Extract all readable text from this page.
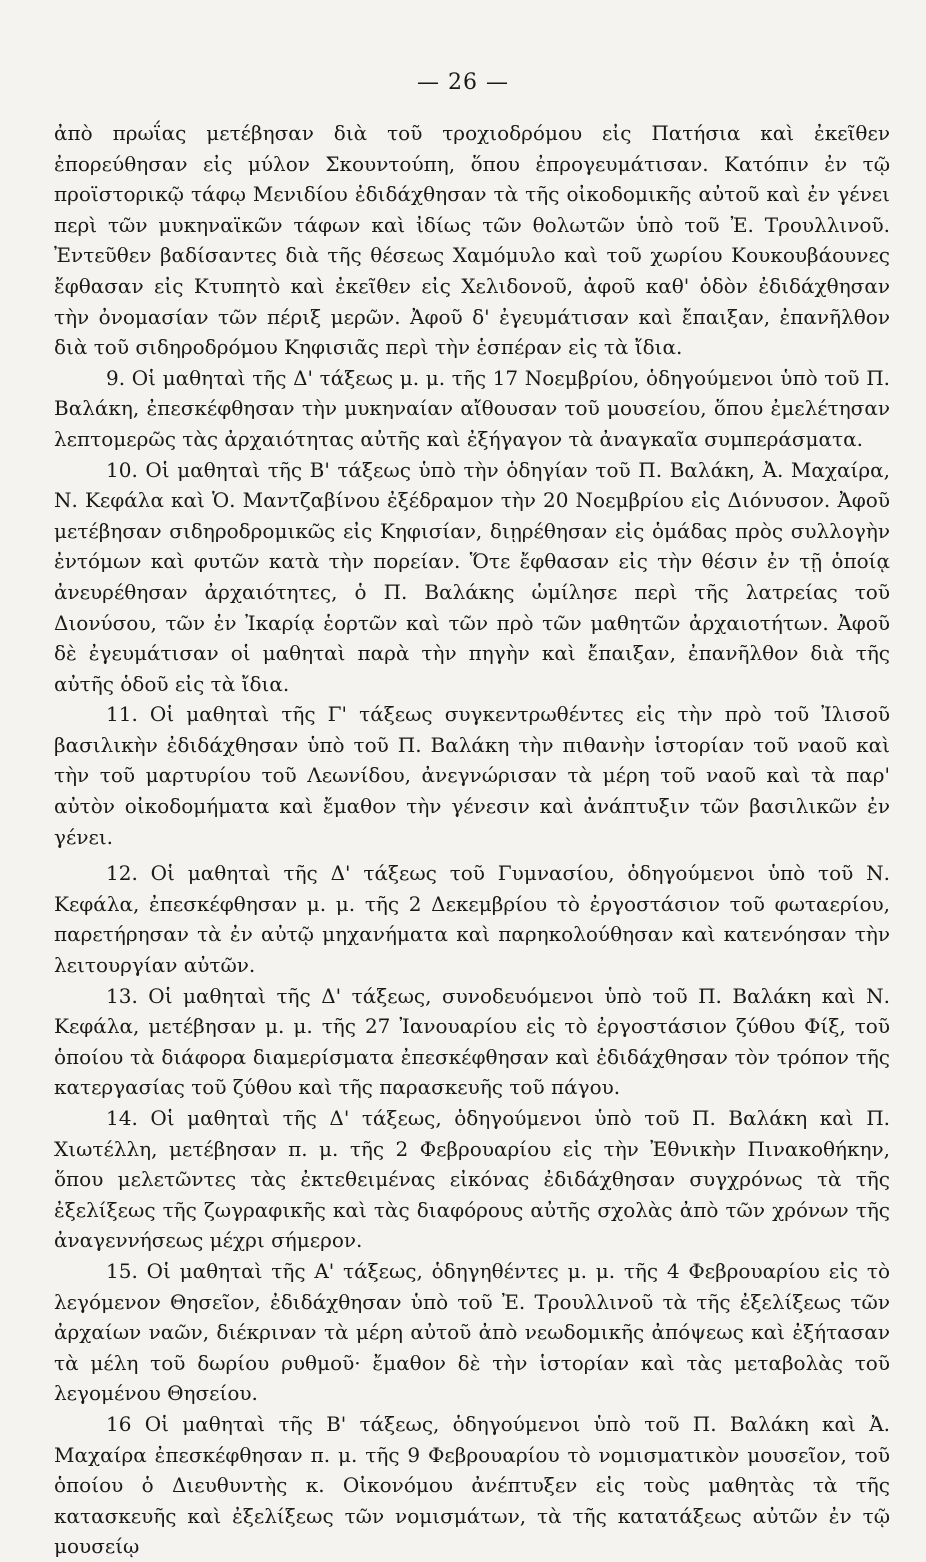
— 26 —

ἀπὸ πρωΐας μετέβησαν διὰ τοῦ τροχιοδρόμου εἰς Πατήσια καὶ ἐκεῖθεν ἐπορεύθησαν εἰς μύλον Σκουντούπη, ὅπου ἐπρογευμάτισαν. Κατόπιν ἐν τῷ προϊστορικῷ τάφῳ Μενιδίου ἐδιδάχθησαν τὰ τῆς οἰκοδομικῆς αὐτοῦ καὶ ἐν γένει περὶ τῶν μυκηναϊκῶν τάφων καὶ ἰδίως τῶν θολωτῶν ὑπὸ τοῦ Ἐ. Τρουλλινοῦ. Ἐντεῦθεν βαδίσαντες διὰ τῆς θέσεως Χαμόμυλο καὶ τοῦ χωρίου Κουκουβάουνες ἔφθασαν εἰς Κτυπητὸ καὶ ἐκεῖθεν εἰς Χελιδονοῦ, ἀφοῦ καθ' ὁδὸν ἐδιδάχθησαν τὴν ὀνομασίαν τῶν πέριξ μερῶν. Ἀφοῦ δ' ἐγευμάτισαν καὶ ἔπαιξαν, ἐπανῆλθον διὰ τοῦ σιδηροδρόμου Κηφισιᾶς περὶ τὴν ἑσπέραν εἰς τὰ ἴδια.

9. Οἱ μαθηταὶ τῆς Δ' τάξεως μ. μ. τῆς 17 Νοεμβρίου, ὁδηγούμενοι ὑπὸ τοῦ Π. Βαλάκη, ἐπεσκέφθησαν τὴν μυκηναίαν αἴθουσαν τοῦ μουσείου, ὅπου ἐμελέτησαν λεπτομερῶς τὰς ἀρχαιότητας αὐτῆς καὶ ἐξήγαγον τὰ ἀναγκαῖα συμπεράσματα.

10. Οἱ μαθηταὶ τῆς Β' τάξεως ὑπὸ τὴν ὁδηγίαν τοῦ Π. Βαλάκη, Ἀ. Μαχαίρα, Ν. Κεφάλα καὶ Ὁ. Μαντζαβίνου ἐξέδραμον τὴν 20 Νοεμβρίου εἰς Διόνυσον. Ἀφοῦ μετέβησαν σιδηροδρομικῶς εἰς Κηφισίαν, διῃρέθησαν εἰς ὁμάδας πρὸς συλλογὴν ἐντόμων καὶ φυτῶν κατὰ τὴν πορείαν. Ὅτε ἔφθασαν εἰς τὴν θέσιν ἐν τῇ ὁποίᾳ ἀνευρέθησαν ἀρχαιότητες, ὁ Π. Βαλάκης ὡμίλησε περὶ τῆς λατρείας τοῦ Διονύσου, τῶν ἐν Ἰκαρίᾳ ἑορτῶν καὶ τῶν πρὸ τῶν μαθητῶν ἀρχαιοτήτων. Ἀφοῦ δὲ ἐγευμάτισαν οἱ μαθηταὶ παρὰ τὴν πηγὴν καὶ ἔπαιξαν, ἐπανῆλθον διὰ τῆς αὐτῆς ὁδοῦ εἰς τὰ ἴδια.

11. Οἱ μαθηταὶ τῆς Γ' τάξεως συγκεντρωθέντες εἰς τὴν πρὸ τοῦ Ἰλισοῦ βασιλικὴν ἐδιδάχθησαν ὑπὸ τοῦ Π. Βαλάκη τὴν πιθανὴν ἱστορίαν τοῦ ναοῦ καὶ τὴν τοῦ μαρτυρίου τοῦ Λεωνίδου, ἀνεγνώρισαν τὰ μέρη τοῦ ναοῦ καὶ τὰ παρ' αὐτὸν οἰκοδομήματα καὶ ἔμαθον τὴν γένεσιν καὶ ἀνάπτυξιν τῶν βασιλικῶν ἐν γένει.

12. Οἱ μαθηταὶ τῆς Δ' τάξεως τοῦ Γυμνασίου, ὁδηγούμενοι ὑπὸ τοῦ Ν. Κεφάλα, ἐπεσκέφθησαν μ. μ. τῆς 2 Δεκεμβρίου τὸ ἐργοστάσιον τοῦ φωταερίου, παρετήρησαν τὰ ἐν αὐτῷ μηχανήματα καὶ παρηκολούθησαν καὶ κατενόησαν τὴν λειτουργίαν αὐτῶν.

13. Οἱ μαθηταὶ τῆς Δ' τάξεως, συνοδευόμενοι ὑπὸ τοῦ Π. Βαλάκη καὶ Ν. Κεφάλα, μετέβησαν μ. μ. τῆς 27 Ἰανουαρίου εἰς τὸ ἐργοστάσιον ζύθου Φίξ, τοῦ ὁποίου τὰ διάφορα διαμερίσματα ἐπεσκέφθησαν καὶ ἐδιδάχθησαν τὸν τρόπον τῆς κατεργασίας τοῦ ζύθου καὶ τῆς παρασκευῆς τοῦ πάγου.

14. Οἱ μαθηταὶ τῆς Δ' τάξεως, ὁδηγούμενοι ὑπὸ τοῦ Π. Βαλάκη καὶ Π. Χιωτέλλη, μετέβησαν π. μ. τῆς 2 Φεβρουαρίου εἰς τὴν Ἐθνικὴν Πινακοθήκην, ὅπου μελετῶντες τὰς ἐκτεθειμένας εἰκόνας ἐδιδάχθησαν συγχρόνως τὰ τῆς ἐξελίξεως τῆς ζωγραφικῆς καὶ τὰς διαφόρους αὐτῆς σχολὰς ἀπὸ τῶν χρόνων τῆς ἀναγεννήσεως μέχρι σήμερον.

15. Οἱ μαθηταὶ τῆς Α' τάξεως, ὁδηγηθέντες μ. μ. τῆς 4 Φεβρουαρίου εἰς τὸ λεγόμενον Θησεῖον, ἐδιδάχθησαν ὑπὸ τοῦ Ἐ. Τρουλλινοῦ τὰ τῆς ἐξελίξεως τῶν ἀρχαίων ναῶν, διέκριναν τὰ μέρη αὐτοῦ ἀπὸ νεωδομικῆς ἀπόψεως καὶ ἐξήτασαν τὰ μέλη τοῦ δωρίου ρυθμοῦ· ἔμαθον δὲ τὴν ἱστορίαν καὶ τὰς μεταβολὰς τοῦ λεγομένου Θησείου.

16 Οἱ μαθηταὶ τῆς Β' τάξεως, ὁδηγούμενοι ὑπὸ τοῦ Π. Βαλάκη καὶ Ἀ. Μαχαίρα ἐπεσκέφθησαν π. μ. τῆς 9 Φεβρουαρίου τὸ νομισματικὸν μουσεῖον, τοῦ ὁποίου ὁ Διευθυντὴς κ. Οἰκονόμου ἀνέπτυξεν εἰς τοὺς μαθητὰς τὰ τῆς κατασκευῆς καὶ ἐξελίξεως τῶν νομισμάτων, τὰ τῆς κατατάξεως αὐτῶν ἐν τῷ μουσείῳ
